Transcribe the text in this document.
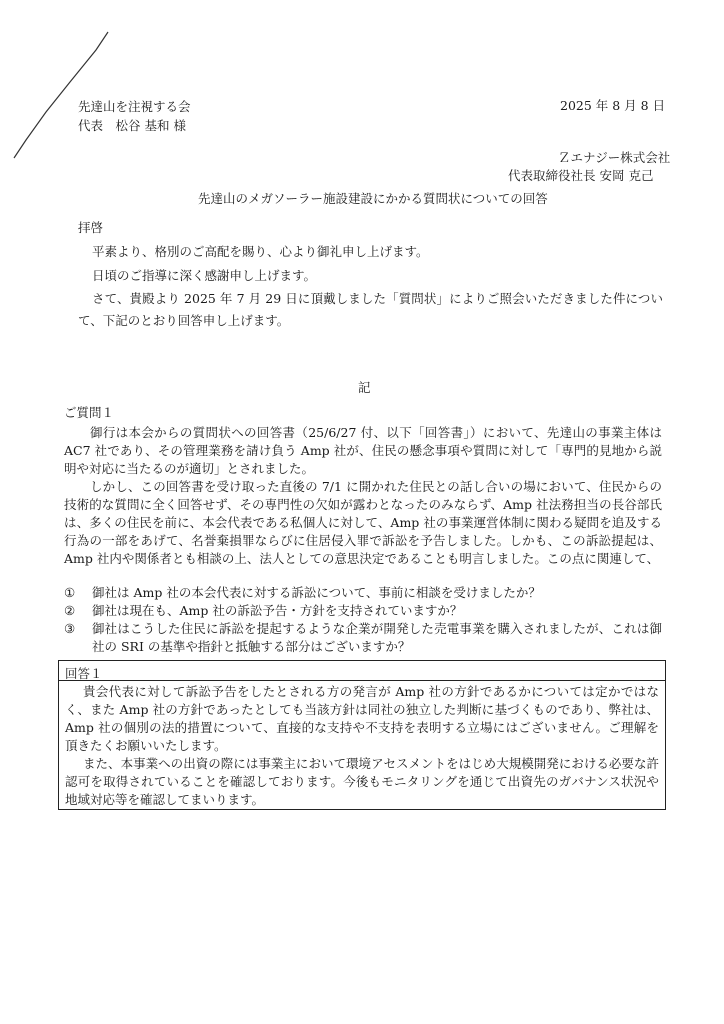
先達山を注視する会
代表　松谷 基和 様
2025 年 8 月 8 日
Ｚエナジー株式会社
代表取締役社長 安岡 克己
先達山のメガソーラー施設建設にかかる質問状についての回答
拝啓
平素より、格別のご高配を賜り、心より御礼申し上げます。
日頃のご指導に深く感謝申し上げます。
さて、貴殿より 2025 年 7 月 29 日に頂戴しました「質問状」によりご照会いただきました件について、下記のとおり回答申し上げます。
記
ご質問１
御行は本会からの質問状への回答書（25/6/27 付、以下「回答書」）において、先達山の事業主体は AC7 社であり、その管理業務を請け負う Amp 社が、住民の懸念事項や質問に対して「専門的見地から説明や対応に当たるのが適切」とされました。
しかし、この回答書を受け取った直後の 7/1 に開かれた住民との話し合いの場において、住民からの技術的な質問に全く回答せず、その専門性の欠如が露わとなったのみならず、Amp 社法務担当の長谷部氏は、多くの住民を前に、本会代表である私個人に対して、Amp 社の事業運営体制に関わる疑問を追及する行為の一部をあげて、名誉棄損罪ならびに住居侵入罪で訴訟を予告しました。しかも、この訴訟提起は、Amp 社内や関係者とも相談の上、法人としての意思決定であることも明言しました。この点に関連して、
① 御社は Amp 社の本会代表に対する訴訟について、事前に相談を受けましたか？
② 御社は現在も、Amp 社の訴訟予告・方針を支持されていますか？
③ 御社はこうした住民に訴訟を提起するような企業が開発した売電事業を購入されましたが、これは御社の SRI の基準や指針と抵触する部分はございますか？
回答１
貴会代表に対して訴訟予告をしたとされる方の発言が Amp 社の方針であるかについては定かではなく、また Amp 社の方針であったとしても当該方針は同社の独立した判断に基づくものであり、弊社は、Amp 社の個別の法的措置について、直接的な支持や不支持を表明する立場にはございません。ご理解を頂きたくお願いいたします。
また、本事業への出資の際には事業主において環境アセスメントをはじめ大規模開発における必要な許認可を取得されていることを確認しております。今後もモニタリングを通じて出資先のガバナンス状況や地域対応等を確認してまいります。
